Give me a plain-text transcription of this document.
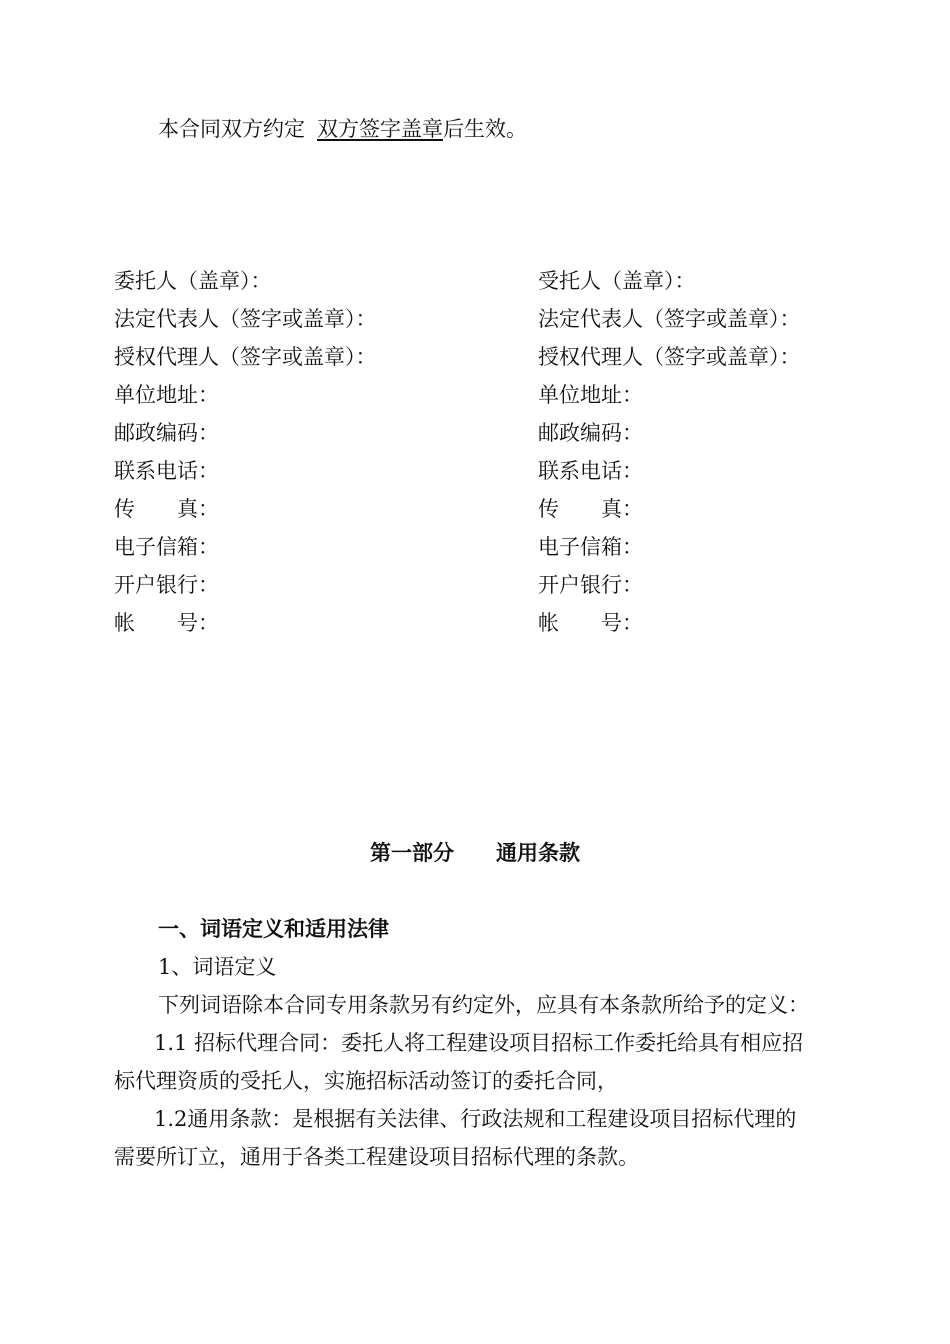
本合同双方约定 双方签字盖章后生效。
委托人（盖章）：
法定代表人（签字或盖章）：
授权代理人（签字或盖章）：
单位地址：
邮政编码：
联系电话：
传　　真：
电子信箱：
开户银行：
帐　　号：
受托人（盖章）：
法定代表人（签字或盖章）：
授权代理人（签字或盖章）：
单位地址：
邮政编码：
联系电话：
传　　真：
电子信箱：
开户银行：
帐　　号：
第一部分　　通用条款
一、词语定义和适用法律
1、词语定义
下列词语除本合同专用条款另有约定外，应具有本条款所给予的定义：
1.1 招标代理合同：委托人将工程建设项目招标工作委托给具有相应招
标代理资质的受托人，实施招标活动签订的委托合同，
1.2通用条款：是根据有关法律、行政法规和工程建设项目招标代理的
需要所订立，通用于各类工程建设项目招标代理的条款。
